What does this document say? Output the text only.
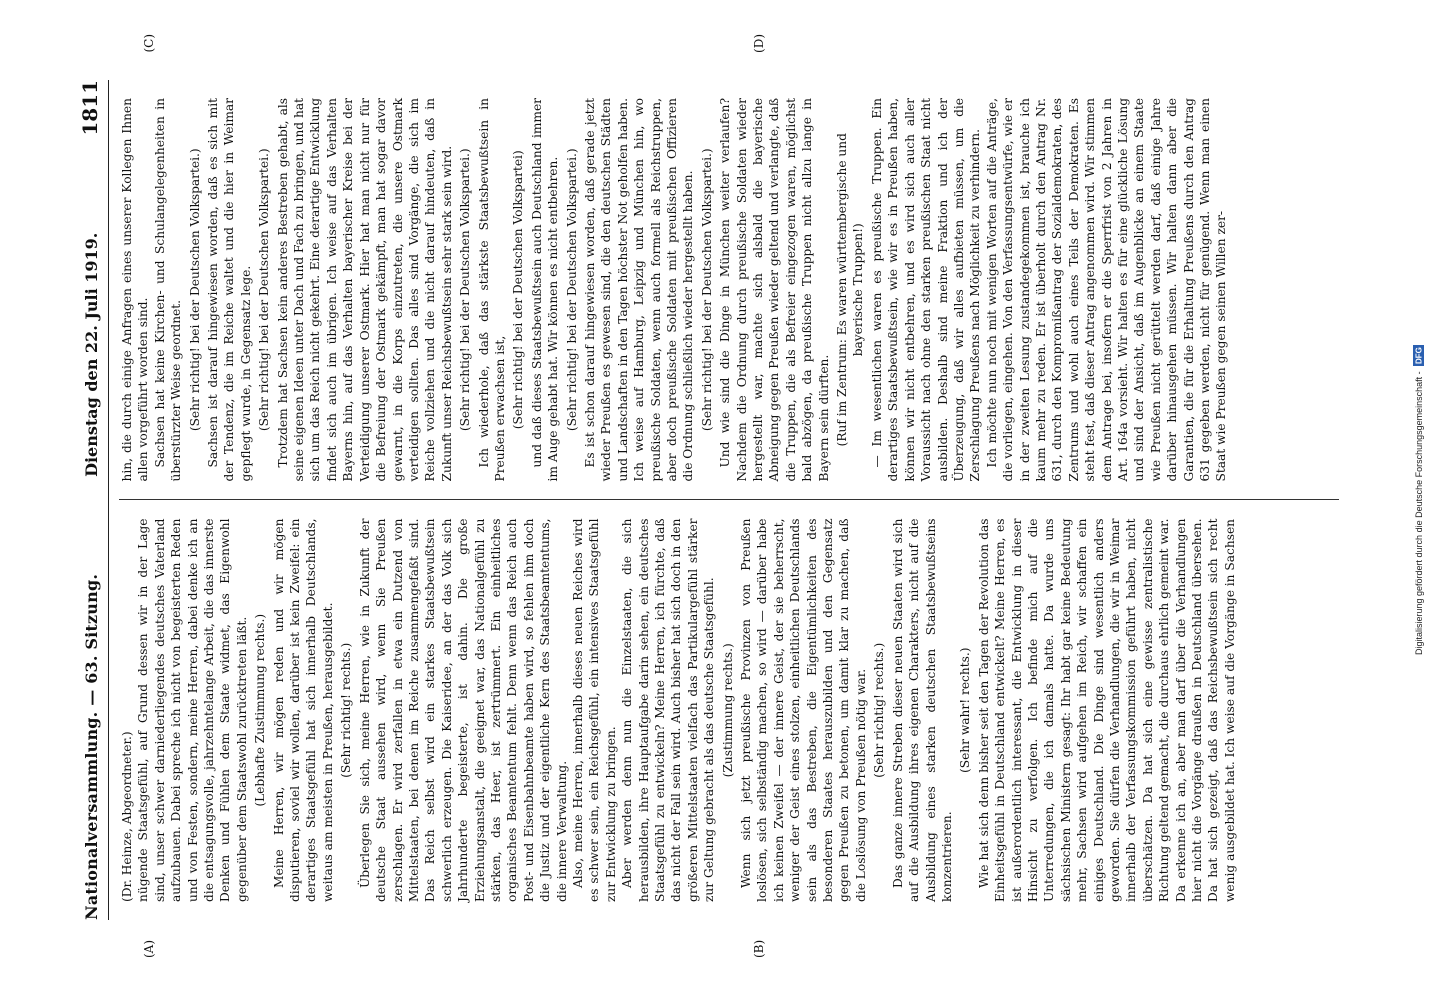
Nationalversammlung. — 63. Sitzung.
Dienstag den 22. Juli 1919.
1811

(Dr. Heinze, Abgeordneter.) nügende Staatsgefühl, auf Grund dessen wir in der Lage sind, unser schwer darniederliegendes deutsches Vaterland aufzubauen. Dabei spreche ich nicht von begeisterten Reden und von Festen, sondern, meine Herren, dabei denke ich an die entsagungsvolle, jahrzehntelange Arbeit, die das innerste Denken und Fühlen dem Staate widmet, das Eigenwohl gegenüber dem Staatswohl zurücktreten läßt. (Lebhafte Zustimmung rechts.) Meine Herren, wir mögen reden und wir mögen disputieren, soviel wir wollen, darüber ist kein Zweifel: ein derartiges Staatsgefühl hat sich innerhalb Deutschlands, weitaus am meisten in Preußen, herausgebildet. (Sehr richtig! rechts.) Überlegen Sie sich, meine Herren, wie in Zukunft der deutsche Staat aussehen wird, wenn Sie Preußen zerschlagen. Er wird zerfallen in etwa ein Dutzend von Mittelstaaten, bei denen im Reiche zusammengefaßt sind. Das Reich selbst wird ein starkes Staatsbewußtsein schwerlich erzeugen. Die Kaiseridee, an der das Volk sich Jahrhunderte begeisterte, ist dahin. Die große Erziehungsanstalt, die geeignet war, das Nationalgefühl zu stärken, das Heer, ist zertrümmert. Ein einheitliches organisches Beamtentum fehlt. Denn wenn das Reich auch Post- und Eisenbahnbeamte haben wird, so fehlen ihm doch die Justiz und der eigentliche Kern des Staatsbeamtentums, die innere Verwaltung. Also, meine Herren, innerhalb dieses neuen Reiches wird es schwer sein, ein Reichsgefühl, ein intensives Staatsgefühl zur Entwicklung zu bringen. Aber werden denn nun die Einzelstaaten, die sich herausbilden, ihre Hauptaufgabe darin sehen, ein deutsches Staatsgefühl zu entwickeln? Meine Herren, ich fürchte, daß das nicht der Fall sein wird. Auch bisher hat sich doch in den größeren Mittelstaaten vielfach das Partikulargefühl stärker zur Geltung gebracht als das deutsche Staatsgefühl. (Zustimmung rechts.) Wenn sich jetzt preußische Provinzen von Preußen loslösen, sich selbständig machen, so wird — darüber habe ich keinen Zweifel — der innere Geist, der sie beherrscht, weniger der Geist eines stolzen, einheitlichen Deutschlands sein als das Bestreben, die Eigentümlichkeiten des besonderen Staates herauszubilden und den Gegensatz gegen Preußen zu betonen, um damit klar zu machen, daß die Loslösung von Preußen nötig war. (Sehr richtig! rechts.) Das ganze innere Streben dieser neuen Staaten wird sich auf die Ausbildung ihres eigenen Charakters, nicht auf die Ausbildung eines starken deutschen Staatsbewußtseins konzentrieren.

(Sehr wahr! rechts.) Wie hat sich denn bisher seit den Tagen der Revolution das Einheitsgefühl in Deutschland entwickelt? Meine Herren, es ist außerordentlich interessant, die Entwicklung in dieser Hinsicht zu verfolgen. Ich befinde mich auf die Unterredungen, die ich damals hatte. Da wurde uns sächsischen Ministern gesagt: Ihr habt gar keine Bedeutung mehr, Sachsen wird aufgehen im Reich, wir schaffen ein einiges Deutschland. Die Dinge sind wesentlich anders geworden. Sie dürfen die Verhandlungen, die wir in Weimar innerhalb der Verfassungskommission geführt haben, nicht überschätzen. Da hat sich eine gewisse zentralistische Richtung geltend gemacht, die durchaus ehrlich gemeint war. Da erkenne ich an, aber man darf über die Verhandlungen hier nicht die Vorgänge draußen in Deutschland übersehen. Da hat sich gezeigt, daß das Reichsbewußtsein sich recht wenig ausgebildet hat. Ich weise auf die Vorgänge in Sachsen

hin, die durch einige Anfragen eines unserer Kollegen Ihnen allen vorgeführt worden sind. Sachsen hat keine Kirchen- und Schulangelegenheiten in überstürzter Weise geordnet. (Sehr richtig! bei der Deutschen Volkspartei.) Sachsen ist darauf hingewiesen worden, daß es sich mit der Tendenz, die im Reiche waltet und die hier in Weimar gepflegt wurde, in Gegensatz lege. (Sehr richtig! bei der Deutschen Volkspartei.) Trotzdem hat Sachsen kein anderes Bestreben gehabt, als seine eigenen Ideen unter Dach und Fach zu bringen, und hat sich um das Reich nicht gekehrt. Eine derartige Entwicklung findet sich auch im übrigen. Ich weise auf das Verhalten Bayerns hin, auf das Verhalten bayerischer Kreise bei der Verteidigung unserer Ostmark. Hier hat man nicht nur für die Befreiung der Ostmark gekämpft, man hat sogar davor gewarnt, in die Korps einzutreten, die unsere Ostmark verteidigen sollten. Das alles sind Vorgänge, die sich im Reiche vollziehen und die nicht darauf hindeuten, daß in Zukunft unser Reichsbewußtsein sehr stark sein wird. (Sehr richtig! bei der Deutschen Volkspartei.) Ich wiederhole, daß das stärkste Staatsbewußtsein in Preußen erwachsen ist, (Sehr richtig! bei der Deutschen Volkspartei) und daß dieses Staatsbewußtsein auch Deutschland immer im Auge gehabt hat. Wir können es nicht entbehren. (Sehr richtig! bei der Deutschen Volkspartei.) Es ist schon darauf hingewiesen worden, daß gerade jetzt wieder Preußen es gewesen sind, die den deutschen Städten und Landschaften in den Tagen höchster Not geholfen haben. Ich weise auf Hamburg, Leipzig und München hin, wo preußische Soldaten, wenn auch formell als Reichstruppen, aber doch preußische Soldaten mit preußischen Offizieren die Ordnung schließlich wieder hergestellt haben. (Sehr richtig! bei der Deutschen Volkspartei.) Und wie sind die Dinge in München weiter verlaufen? Nachdem die Ordnung durch preußische Soldaten wieder hergestellt war, machte sich alsbald die bayerische Abneigung gegen Preußen wieder geltend und verlangte, daß die Truppen, die als Befreier eingezogen waren, möglichst bald abzögen, da preußische Truppen nicht allzu lange in Bayern sein dürften. (Ruf im Zentrum: Es waren württembergische und bayerische Truppen!) — Im wesentlichen waren es preußische Truppen. Ein derartiges Staatsbewußtsein, wie wir es in Preußen haben, können wir nicht entbehren, und es wird sich auch aller Voraussicht nach ohne den starken preußischen Staat nicht ausbilden. Deshalb sind meine Fraktion und ich der Überzeugung, daß wir alles aufbieten müssen, um die Zerschlagung Preußens nach Möglichkeit zu verhindern. Ich möchte nun noch mit wenigen Worten auf die Anträge, die vorliegen, eingehen. Von den Verfassungsentwürfe, wie er in der zweiten Lesung zustandegekommen ist, brauche ich kaum mehr zu reden. Er ist überholt durch den Antrag Nr. 631, durch den Kompromißantrag der Sozialdemokraten, des Zentrums und wohl auch eines Teils der Demokraten. Es steht fest, daß dieser Antrag angenommen wird. Wir stimmen dem Antrage bei, insofern er die Sperrfrist von 2 Jahren in Art. 164a vorsieht. Wir halten es für eine glückliche Lösung und sind der Ansicht, daß im Augenblicke an einem Staate wie Preußen nicht gerüttelt werden darf, daß einige Jahre darüber hinausgehen müssen. Wir halten dann aber die Garantien, die für die Erhaltung Preußens durch den Antrag 631 gegeben werden, nicht für genügend. Wenn man einen Staat wie Preußen gegen seinen Willen zer-

(A)	(B)
(C)	(D)
Digitalisierung gefördert durch die Deutsche Forschungsgemeinschaft -
DFG
